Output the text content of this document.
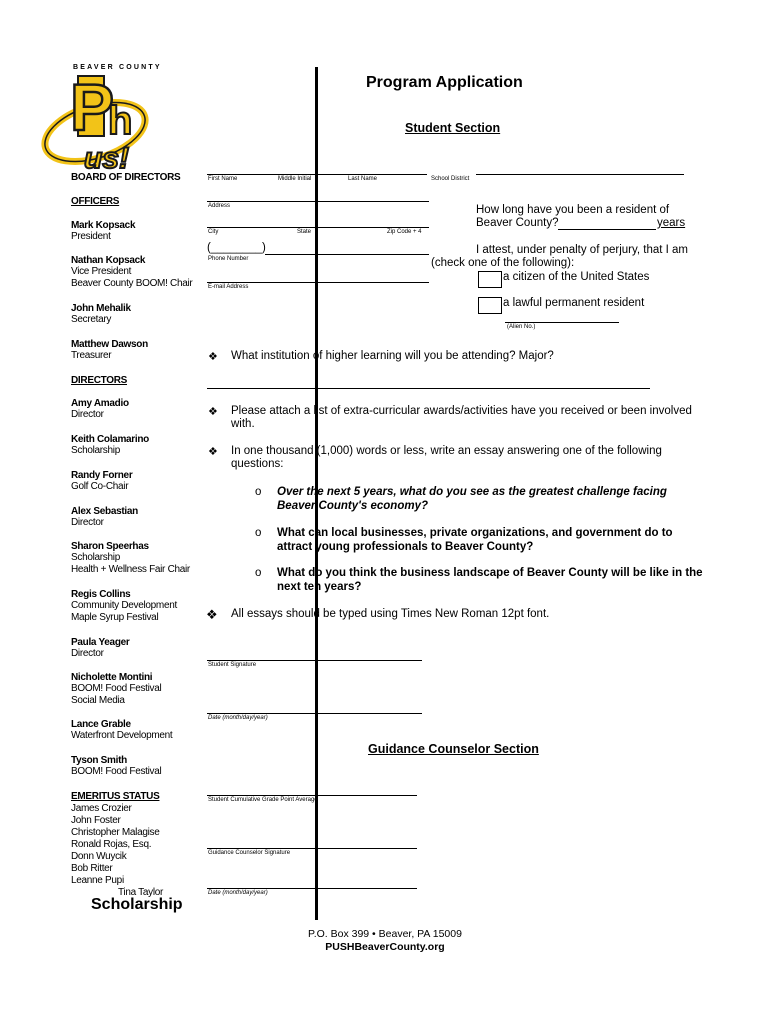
BEAVER COUNTY
P
h
us!
Program Application
Student Section
BOARD OF DIRECTORS
OFFICERS
Mark Kopsack
President
Nathan Kopsack
Vice President
Beaver County BOOM! Chair
John Mehalik
Secretary
Matthew Dawson
Treasurer
DIRECTORS
Amy Amadio
Director
Keith Colamarino
Scholarship
Randy Forner
Golf Co-Chair
Alex Sebastian
Director
Sharon Speerhas
Scholarship
Health + Wellness Fair Chair
Regis Collins
Community Development
Maple Syrup Festival
Paula Yeager
Director
Nicholette Montini
BOOM! Food Festival
Social Media
Lance Grable
Waterfront Development
Tyson Smith
BOOM! Food Festival
EMERITUS STATUS
James Crozier
John Foster
Christopher Malagise
Ronald Rojas, Esq.
Donn Wuycik
Bob Ritter
Leanne Pupi
Tina Taylor
Scholarship
First Name	Middle Initial	Last Name	School District
Address
City	State	Zip Code + 4
(________)
Phone Number
E-mail Address
How long have you been a resident of
Beaver County?	years
I attest, under penalty of perjury, that I am
(check one of the following):
a citizen of the United States
a lawful permanent resident
(Alien No.)
❖ What institution of higher learning will you be attending? Major?
❖ Please attach a list of extra-curricular awards/activities have you received or been involved
with.
❖ In one thousand (1,000) words or less, write an essay answering one of the following
questions:
o Over the next 5 years, what do you see as the greatest challenge facing
Beaver County's economy?
o What can local businesses, private organizations, and government do to
attract young professionals to Beaver County?
o What do you think the business landscape of Beaver County will be like in the
next ten years?
❖ All essays should be typed using Times New Roman 12pt font.
Student Signature
Date (month/day/year)
Guidance Counselor Section
Student Cumulative Grade Point Average
Guidance Counselor Signature
Date (month/day/year)
P.O. Box 399 • Beaver, PA 15009
PUSHBeaverCounty.org
